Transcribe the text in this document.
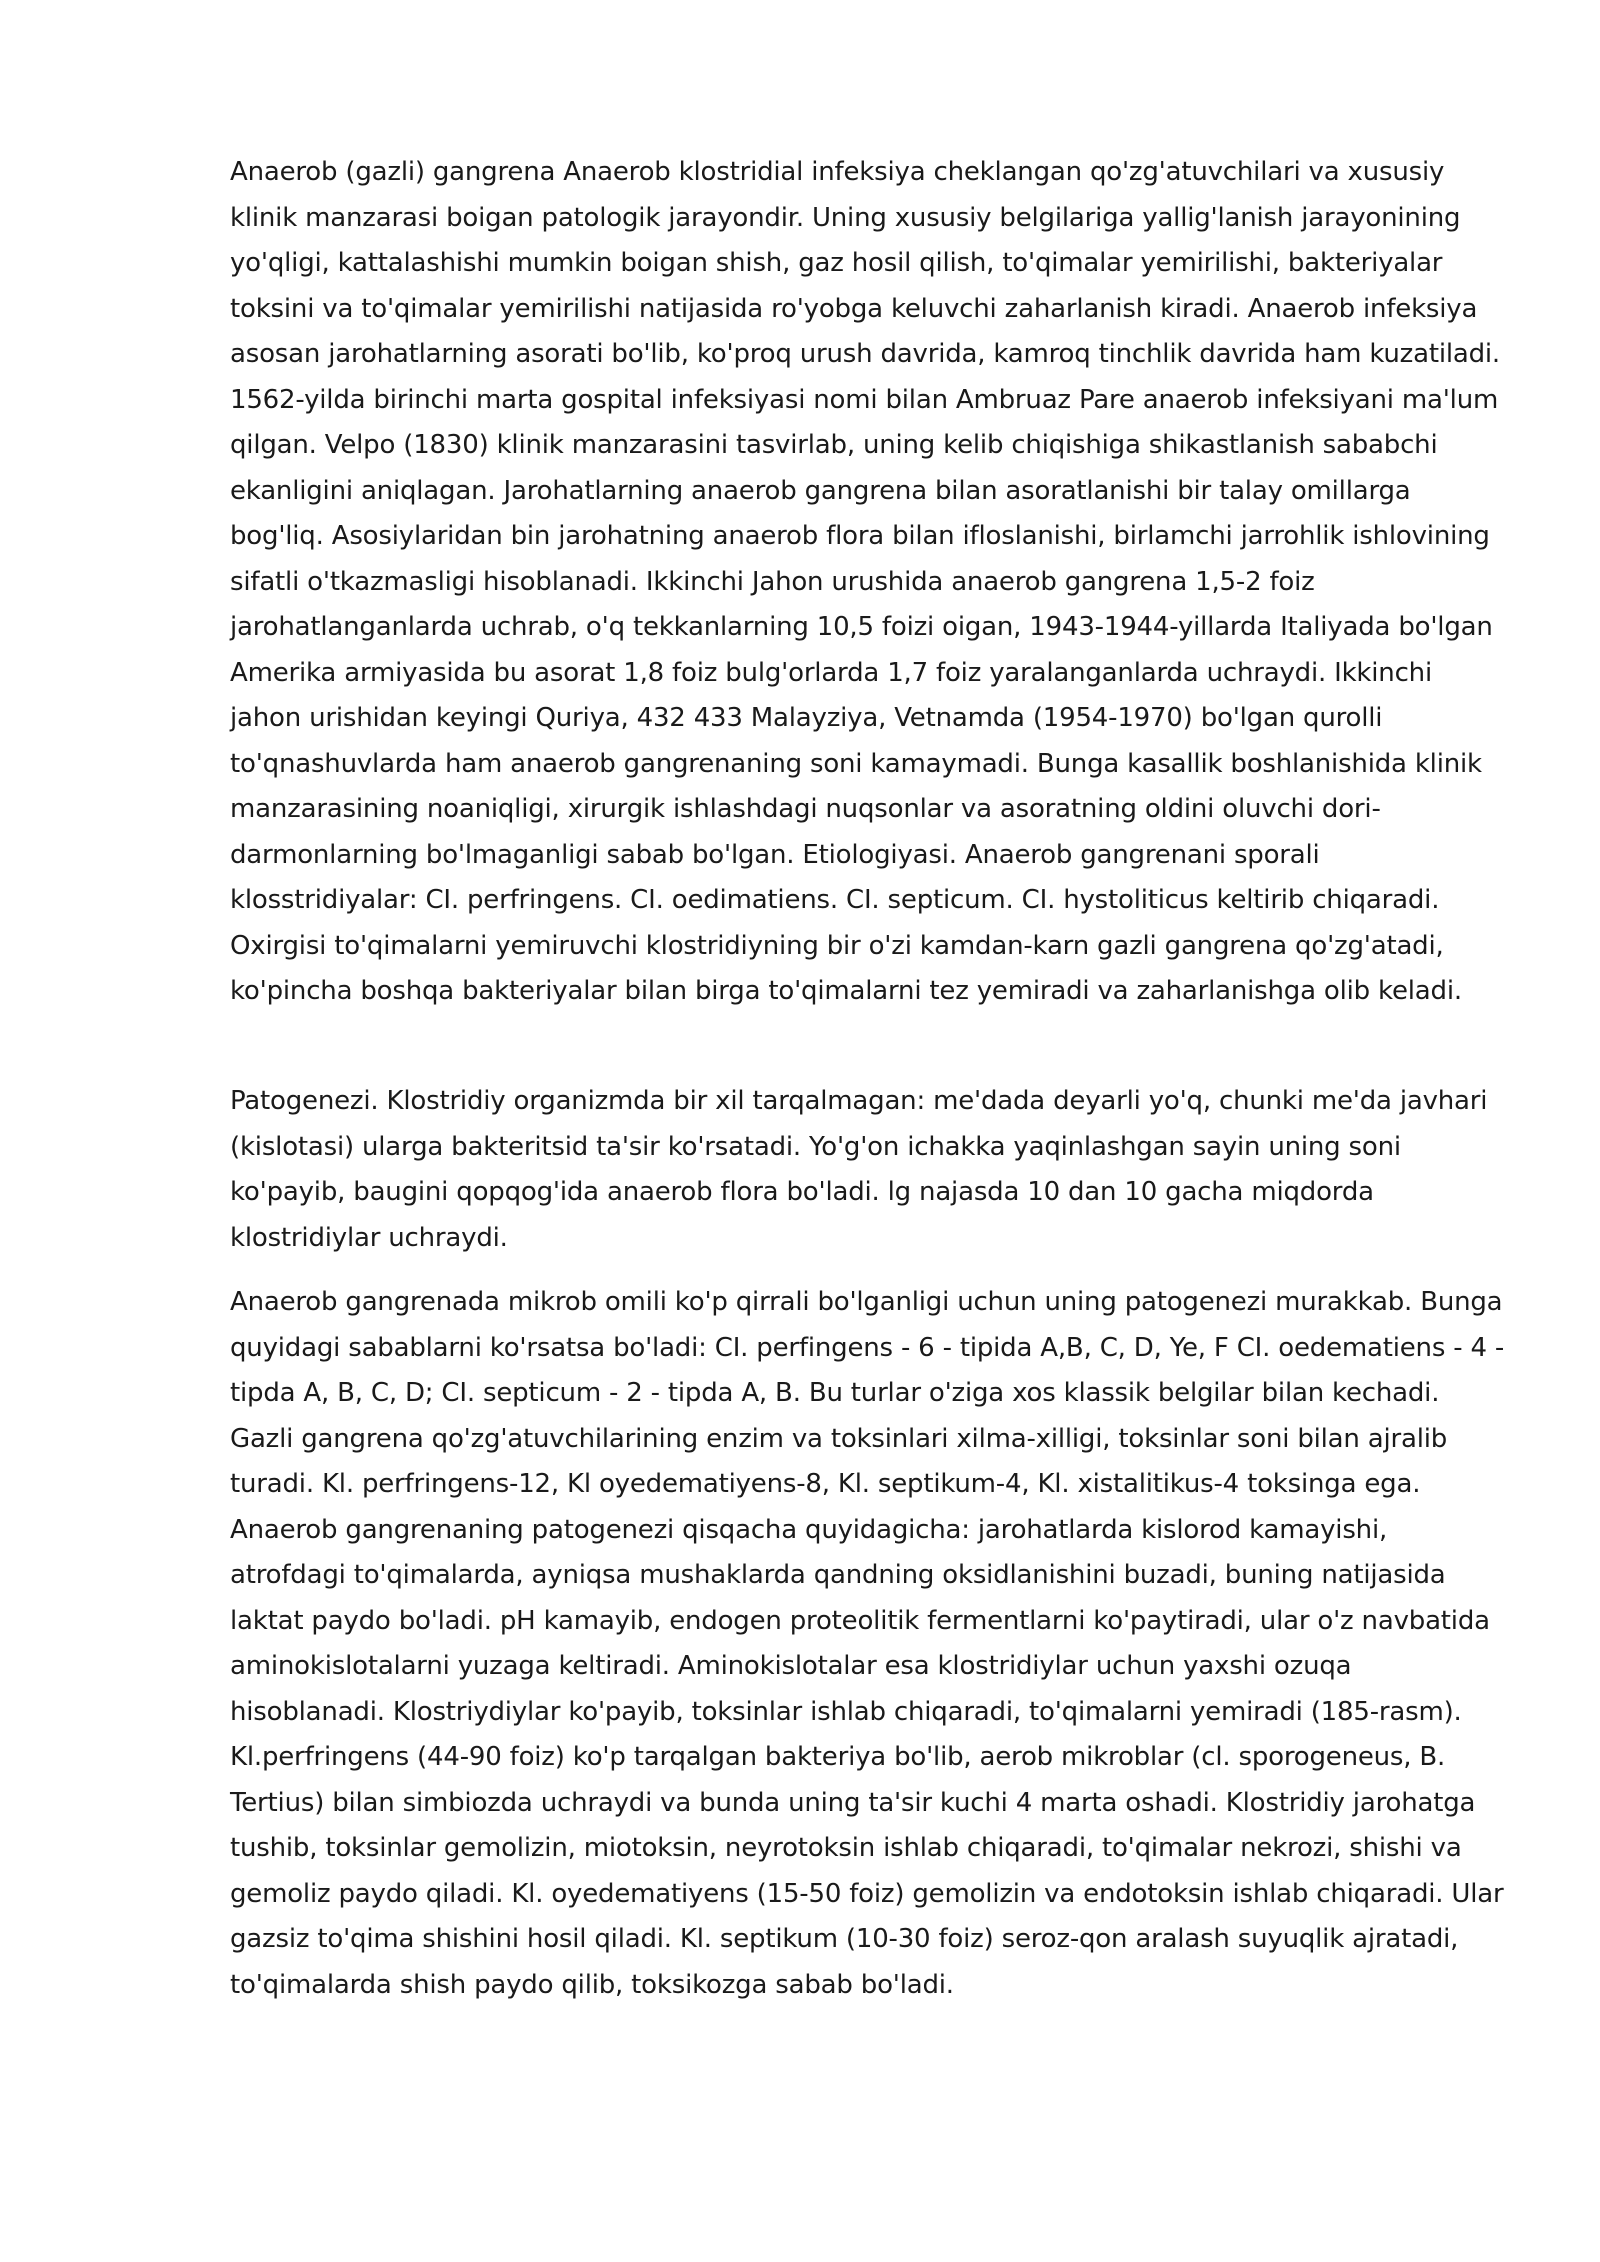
Anaerob (gazli) gangrena Anaerob klostridial infeksiya cheklangan qo'zg'atuvchilari va xususiy klinik manzarasi boigan patologik jarayondir. Uning xususiy belgilariga yallig'lanish jarayonining yo'qligi, kattalashishi mumkin boigan shish, gaz hosil qilish, to'qimalar yemirilishi, bakteriyalar toksini va to'qimalar yemirilishi natijasida ro'yobga keluvchi zaharlanish kiradi. Anaerob infeksiya asosan jarohatlarning asorati bo'lib, ko'proq urush davrida, kamroq tinchlik davrida ham kuzatiladi. 1562-yilda birinchi marta gospital infeksiyasi nomi bilan Ambruaz Pare anaerob infeksiyani ma'lum qilgan. Velpo (1830) klinik manzarasini tasvirlab, uning kelib chiqishiga shikastlanish sababchi ekanligini aniqlagan. Jarohatlarning anaerob gangrena bilan asoratlanishi bir talay omillarga bog'liq. Asosiylaridan bin jarohatning anaerob flora bilan ifloslanishi, birlamchi jarrohlik ishlovining sifatli o'tkazmasligi hisoblanadi. Ikkinchi Jahon urushida anaerob gangrena 1,5-2 foiz jarohatlanganlarda uchrab, o'q tekkanlarning 10,5 foizi oigan, 1943-1944-yillarda Italiyada bo'lgan Amerika armiyasida bu asorat 1,8 foiz bulg'orlarda 1,7 foiz yaralanganlarda uchraydi. Ikkinchi jahon urishidan keyingi Quriya, 432 433 Malayziya, Vetnamda (1954-1970) bo'lgan qurolli to'qnashuvlarda ham anaerob gangrenaning soni kamaymadi. Bunga kasallik boshlanishida klinik manzarasining noaniqligi, xirurgik ishlashdagi nuqsonlar va asoratning oldini oluvchi dori-darmonlarning bo'lmaganligi sabab bo'lgan. Etiologiyasi. Anaerob gangrenani sporali klosstridiyalar: CI. perfringens. CI. oedimatiens. CI. septicum. CI. hystoliticus keltirib chiqaradi. Oxirgisi to'qimalarni yemiruvchi klostridiyning bir o'zi kamdan-karn gazli gangrena qo'zg'atadi, ko'pincha boshqa bakteriyalar bilan birga to'qimalarni tez yemiradi va zaharlanishga olib keladi.

Patogenezi. Klostridiy organizmda bir xil tarqalmagan: me'dada deyarli yo'q, chunki me'da javhari (kislotasi) ularga bakteritsid ta'sir ko'rsatadi. Yo'g'on ichakka yaqinlashgan sayin uning soni ko'payib, baugini qopqog'ida anaerob flora bo'ladi. lg najasda 10 dan 10 gacha miqdorda klostridiylar uchraydi.

Anaerob gangrenada mikrob omili ko'p qirrali bo'lganligi uchun uning patogenezi murakkab. Bunga quyidagi sabablarni ko'rsatsa bo'ladi: CI. perfingens - 6 - tipida A,B, C, D, Ye, F CI. oedematiens - 4 - tipda A, B, C, D; CI. septicum - 2 - tipda A, B. Bu turlar o'ziga xos klassik belgilar bilan kechadi. Gazli gangrena qo'zg'atuvchilarining enzim va toksinlari xilma-xilligi, toksinlar soni bilan ajralib turadi. Kl. perfringens-12, Kl oyedematiyens-8, Kl. septikum-4, Kl. xistalitikus-4 toksinga ega. Anaerob gangrenaning patogenezi qisqacha quyidagicha: jarohatlarda kislorod kamayishi, atrofdagi to'qimalarda, ayniqsa mushaklarda qandning oksidlanishini buzadi, buning natijasida laktat paydo bo'ladi. pH kamayib, endogen proteolitik fermentlarni ko'paytiradi, ular o'z navbatida aminokislotalarni yuzaga keltiradi. Aminokislotalar esa klostridiylar uchun yaxshi ozuqa hisoblanadi. Klostriydiylar ko'payib, toksinlar ishlab chiqaradi, to'qimalarni yemiradi (185-rasm). Kl.perfringens (44-90 foiz) ko'p tarqalgan bakteriya bo'lib, aerob mikroblar (cl. sporogeneus, B. Tertius) bilan simbiozda uchraydi va bunda uning ta'sir kuchi 4 marta oshadi. Klostridiy jarohatga tushib, toksinlar gemolizin, miotoksin, neyrotoksin ishlab chiqaradi, to'qimalar nekrozi, shishi va gemoliz paydo qiladi. Kl. oyedematiyens (15-50 foiz) gemolizin va endotoksin ishlab chiqaradi. Ular gazsiz to'qima shishini hosil qiladi. Kl. septikum (10-30 foiz) seroz-qon aralash suyuqlik ajratadi, to'qimalarda shish paydo qilib, toksikozga sabab bo'ladi.
